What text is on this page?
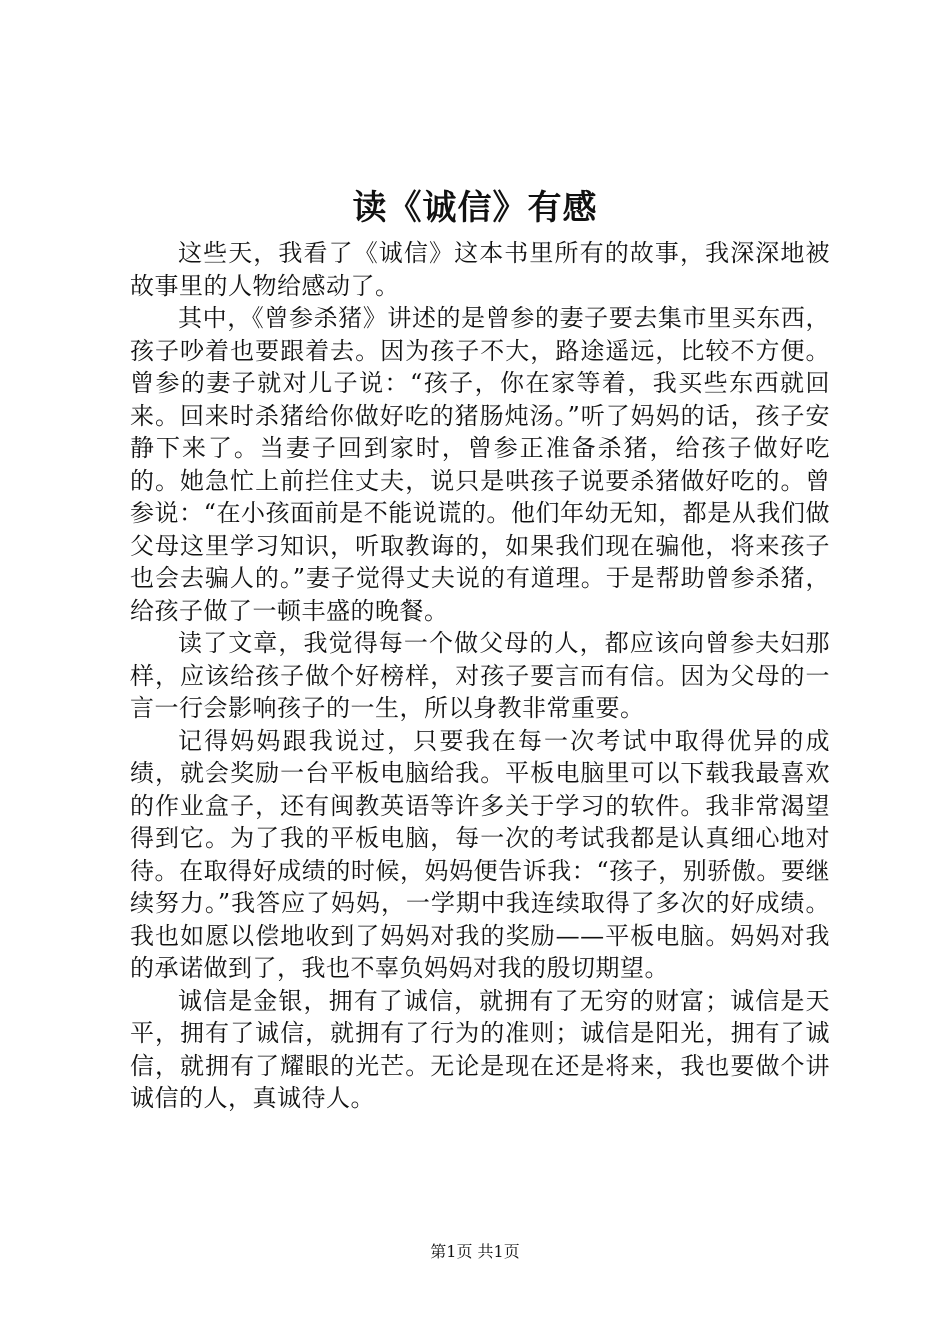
读《诚信》有感

这些天，我看了《诚信》这本书里所有的故事，我深深地被故事里的人物给感动了。

其中，《曾参杀猪》讲述的是曾参的妻子要去集市里买东西，孩子吵着也要跟着去。因为孩子不大，路途遥远，比较不方便。曾参的妻子就对儿子说：“孩子，你在家等着，我买些东西就回来。回来时杀猪给你做好吃的猪肠炖汤。”听了妈妈的话，孩子安静下来了。当妻子回到家时，曾参正准备杀猪，给孩子做好吃的。她急忙上前拦住丈夫，说只是哄孩子说要杀猪做好吃的。曾参说：“在小孩面前是不能说谎的。他们年幼无知，都是从我们做父母这里学习知识，听取教诲的，如果我们现在骗他，将来孩子也会去骗人的。”妻子觉得丈夫说的有道理。于是帮助曾参杀猪，给孩子做了一顿丰盛的晚餐。

读了文章，我觉得每一个做父母的人，都应该向曾参夫妇那样，应该给孩子做个好榜样，对孩子要言而有信。因为父母的一言一行会影响孩子的一生，所以身教非常重要。

记得妈妈跟我说过，只要我在每一次考试中取得优异的成绩，就会奖励一台平板电脑给我。平板电脑里可以下载我最喜欢的作业盒子，还有闽教英语等许多关于学习的软件。我非常渴望得到它。为了我的平板电脑，每一次的考试我都是认真细心地对待。在取得好成绩的时候，妈妈便告诉我：“孩子，别骄傲。要继续努力。”我答应了妈妈，一学期中我连续取得了多次的好成绩。我也如愿以偿地收到了妈妈对我的奖励——平板电脑。妈妈对我的承诺做到了，我也不辜负妈妈对我的殷切期望。

诚信是金银，拥有了诚信，就拥有了无穷的财富；诚信是天平，拥有了诚信，就拥有了行为的准则；诚信是阳光，拥有了诚信，就拥有了耀眼的光芒。无论是现在还是将来，我也要做个讲诚信的人，真诚待人。

第1页 共1页
